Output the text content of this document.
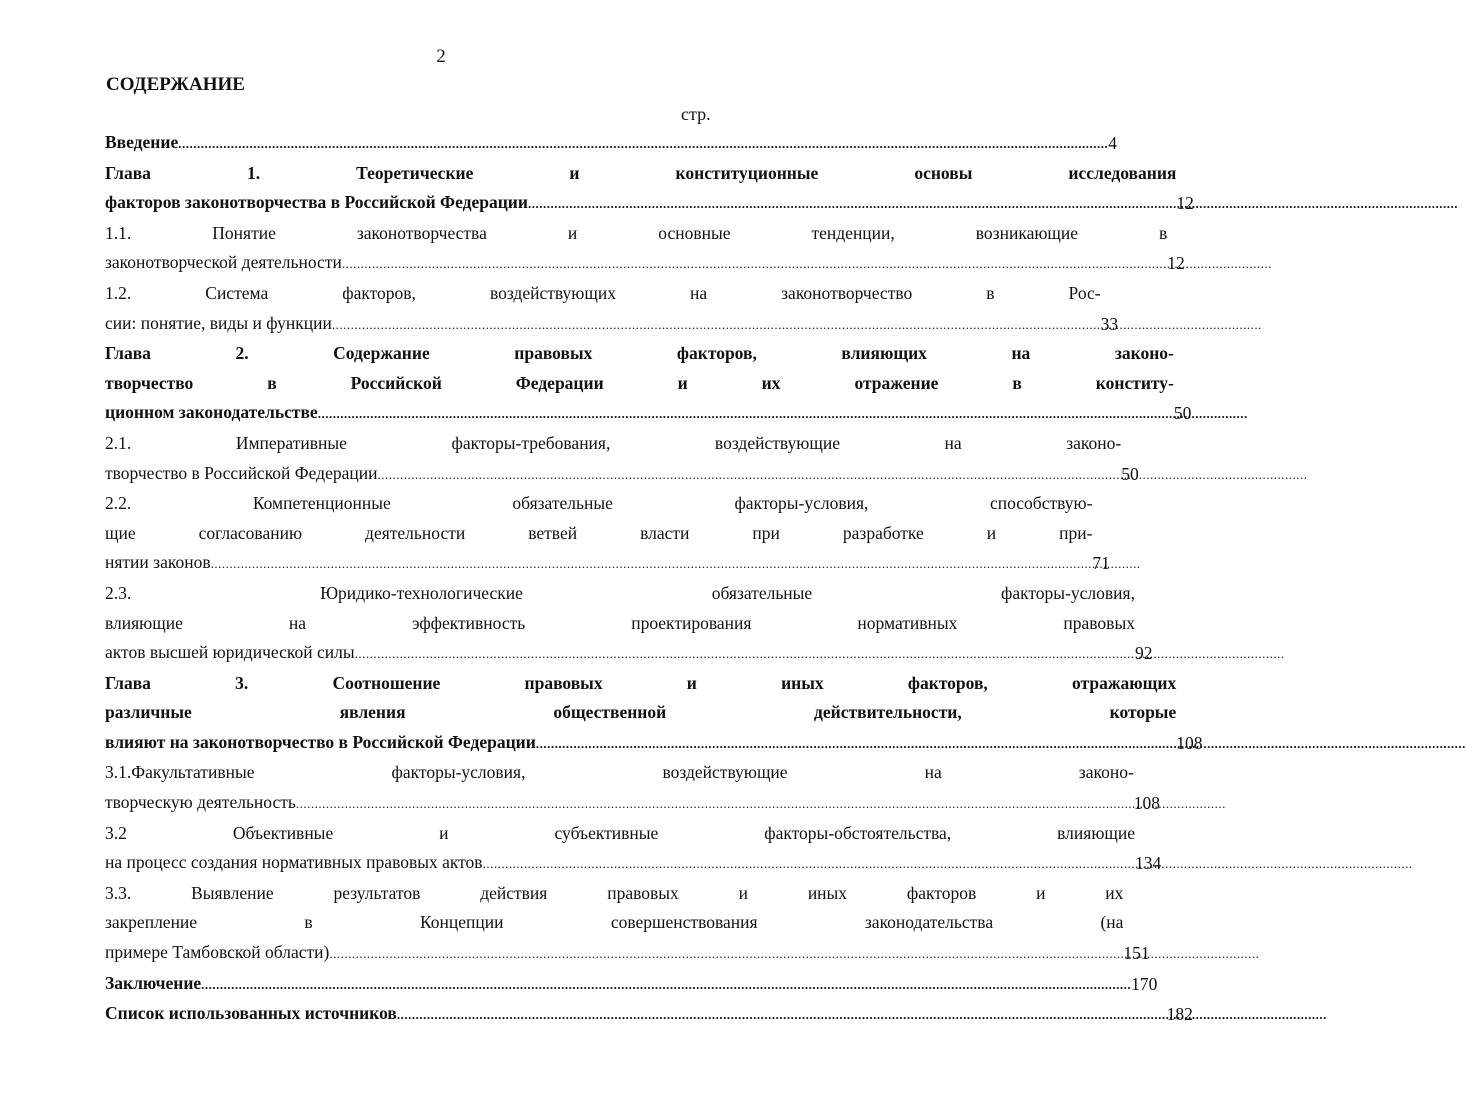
2
СОДЕРЖАНИЕ
стр.
Введение .....	4
Глава 1. Теоретические и конституционные основы исследования
факторов законотворчества в Российской Федерации .....	12
1.1. Понятие законотворчества и основные тенденции, возникающие в
законотворческой деятельности .....	12
1.2. Система факторов, воздействующих на законотворчество в Рос-
сии: понятие, виды и функции .....	33
Глава 2. Содержание правовых факторов, влияющих на законо-
творчество в Российской Федерации и их отражение в конститу-
ционном законодательстве .....	50
2.1. Императивные факторы-требования, воздействующие на законо-
творчество в Российской Федерации .....	50
2.2. Компетенционные обязательные факторы-условия, способствую-
щие согласованию деятельности ветвей власти при разработке и при-
нятии законов .....	71
2.3. Юридико-технологические обязательные факторы-условия,
влияющие на эффективность проектирования нормативных правовых
актов высшей юридической силы .....	92
Глава 3. Соотношение правовых и иных факторов, отражающих
различные явления общественной действительности, которые
влияют на законотворчество в Российской Федерации .....	108
3.1.Факультативные факторы-условия, воздействующие на законо-
творческую деятельность .....	108
3.2 Объективные и субъективные факторы-обстоятельства, влияющие
на процесс создания нормативных правовых актов .....	134
3.3. Выявление результатов действия правовых и иных факторов и их
закрепление в Концепции совершенствования законодательства (на
примере Тамбовской области) .....	151
Заключение .....	170
Список использованных источников .....	182
